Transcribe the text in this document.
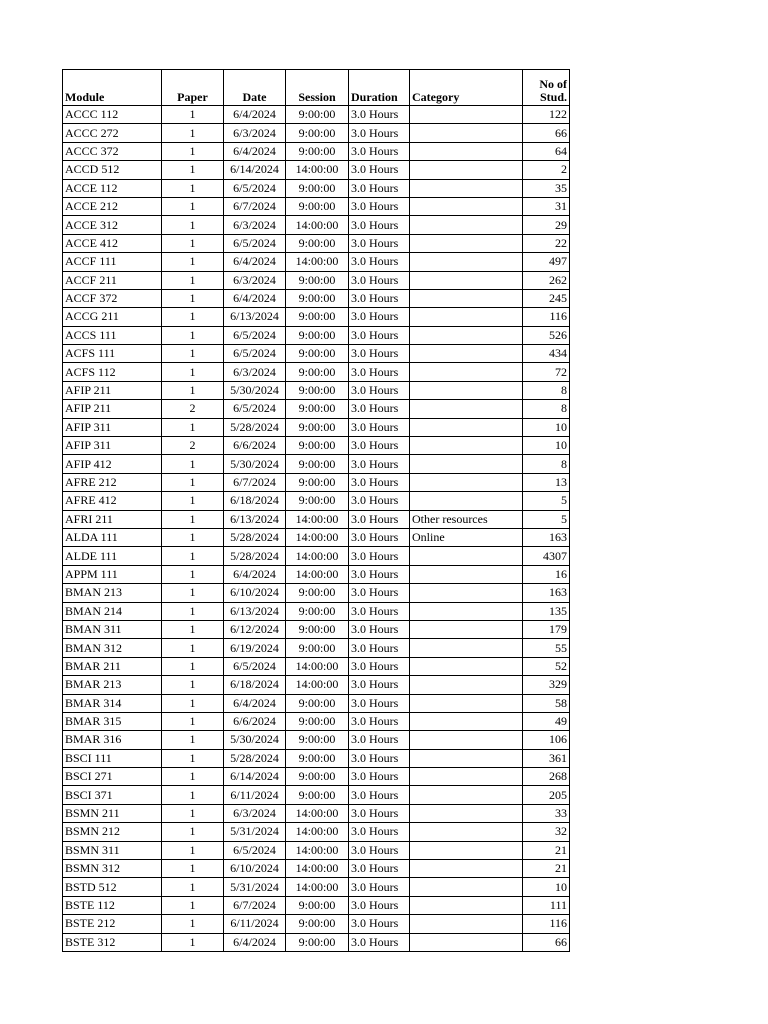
Module	Paper	Date	Session	Duration	Category	No of
Stud.
ACCC 112	1	6/4/2024	9:00:00	3.0 Hours		122
ACCC 272	1	6/3/2024	9:00:00	3.0 Hours		66
ACCC 372	1	6/4/2024	9:00:00	3.0 Hours		64
ACCD 512	1	6/14/2024	14:00:00	3.0 Hours		2
ACCE 112	1	6/5/2024	9:00:00	3.0 Hours		35
ACCE 212	1	6/7/2024	9:00:00	3.0 Hours		31
ACCE 312	1	6/3/2024	14:00:00	3.0 Hours		29
ACCE 412	1	6/5/2024	9:00:00	3.0 Hours		22
ACCF 111	1	6/4/2024	14:00:00	3.0 Hours		497
ACCF 211	1	6/3/2024	9:00:00	3.0 Hours		262
ACCF 372	1	6/4/2024	9:00:00	3.0 Hours		245
ACCG 211	1	6/13/2024	9:00:00	3.0 Hours		116
ACCS 111	1	6/5/2024	9:00:00	3.0 Hours		526
ACFS 111	1	6/5/2024	9:00:00	3.0 Hours		434
ACFS 112	1	6/3/2024	9:00:00	3.0 Hours		72
AFIP 211	1	5/30/2024	9:00:00	3.0 Hours		8
AFIP 211	2	6/5/2024	9:00:00	3.0 Hours		8
AFIP 311	1	5/28/2024	9:00:00	3.0 Hours		10
AFIP 311	2	6/6/2024	9:00:00	3.0 Hours		10
AFIP 412	1	5/30/2024	9:00:00	3.0 Hours		8
AFRE 212	1	6/7/2024	9:00:00	3.0 Hours		13
AFRE 412	1	6/18/2024	9:00:00	3.0 Hours		5
AFRI 211	1	6/13/2024	14:00:00	3.0 Hours	Other resources	5
ALDA 111	1	5/28/2024	14:00:00	3.0 Hours	Online	163
ALDE 111	1	5/28/2024	14:00:00	3.0 Hours		4307
APPM 111	1	6/4/2024	14:00:00	3.0 Hours		16
BMAN 213	1	6/10/2024	9:00:00	3.0 Hours		163
BMAN 214	1	6/13/2024	9:00:00	3.0 Hours		135
BMAN 311	1	6/12/2024	9:00:00	3.0 Hours		179
BMAN 312	1	6/19/2024	9:00:00	3.0 Hours		55
BMAR 211	1	6/5/2024	14:00:00	3.0 Hours		52
BMAR 213	1	6/18/2024	14:00:00	3.0 Hours		329
BMAR 314	1	6/4/2024	9:00:00	3.0 Hours		58
BMAR 315	1	6/6/2024	9:00:00	3.0 Hours		49
BMAR 316	1	5/30/2024	9:00:00	3.0 Hours		106
BSCI 111	1	5/28/2024	9:00:00	3.0 Hours		361
BSCI 271	1	6/14/2024	9:00:00	3.0 Hours		268
BSCI 371	1	6/11/2024	9:00:00	3.0 Hours		205
BSMN 211	1	6/3/2024	14:00:00	3.0 Hours		33
BSMN 212	1	5/31/2024	14:00:00	3.0 Hours		32
BSMN 311	1	6/5/2024	14:00:00	3.0 Hours		21
BSMN 312	1	6/10/2024	14:00:00	3.0 Hours		21
BSTD 512	1	5/31/2024	14:00:00	3.0 Hours		10
BSTE 112	1	6/7/2024	9:00:00	3.0 Hours		111
BSTE 212	1	6/11/2024	9:00:00	3.0 Hours		116
BSTE 312	1	6/4/2024	9:00:00	3.0 Hours		66
